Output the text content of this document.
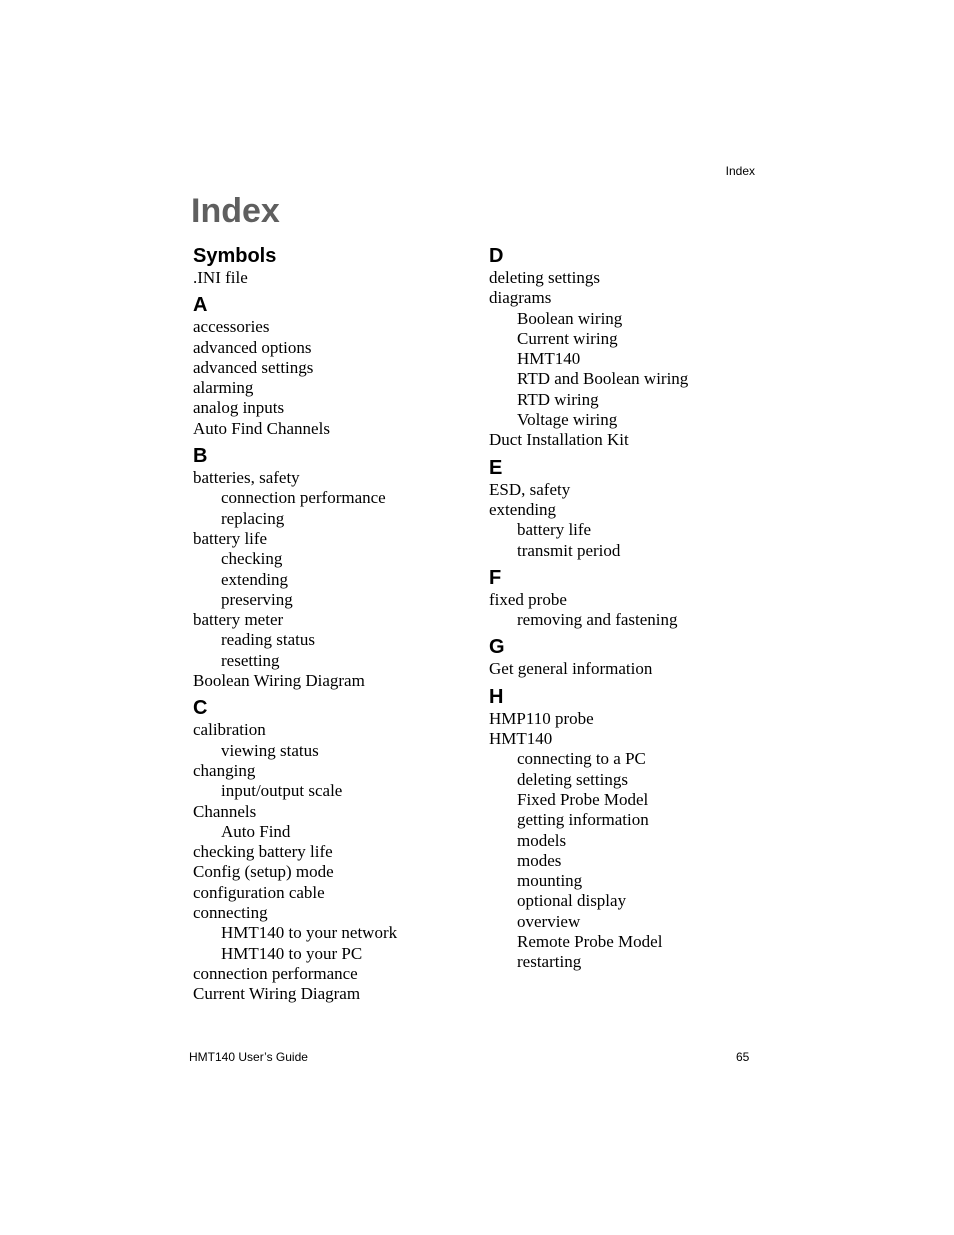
Index
Index
Symbols
.INI file
A
accessories
advanced options
advanced settings
alarming
analog inputs
Auto Find Channels
B
batteries, safety
connection performance
replacing
battery life
checking
extending
preserving
battery meter
reading status
resetting
Boolean Wiring Diagram
C
calibration
viewing status
changing
input/output scale
Channels
Auto Find
checking battery life
Config (setup) mode
configuration cable
connecting
HMT140 to your network
HMT140 to your PC
connection performance
Current Wiring Diagram
D
deleting settings
diagrams
Boolean wiring
Current wiring
HMT140
RTD and Boolean wiring
RTD wiring
Voltage wiring
Duct Installation Kit
E
ESD, safety
extending
battery life
transmit period
F
fixed probe
removing and fastening
G
Get general information
H
HMP110 probe
HMT140
connecting to a PC
deleting settings
Fixed Probe Model
getting information
models
modes
mounting
optional display
overview
Remote Probe Model
restarting
HMT140 User’s Guide	65
